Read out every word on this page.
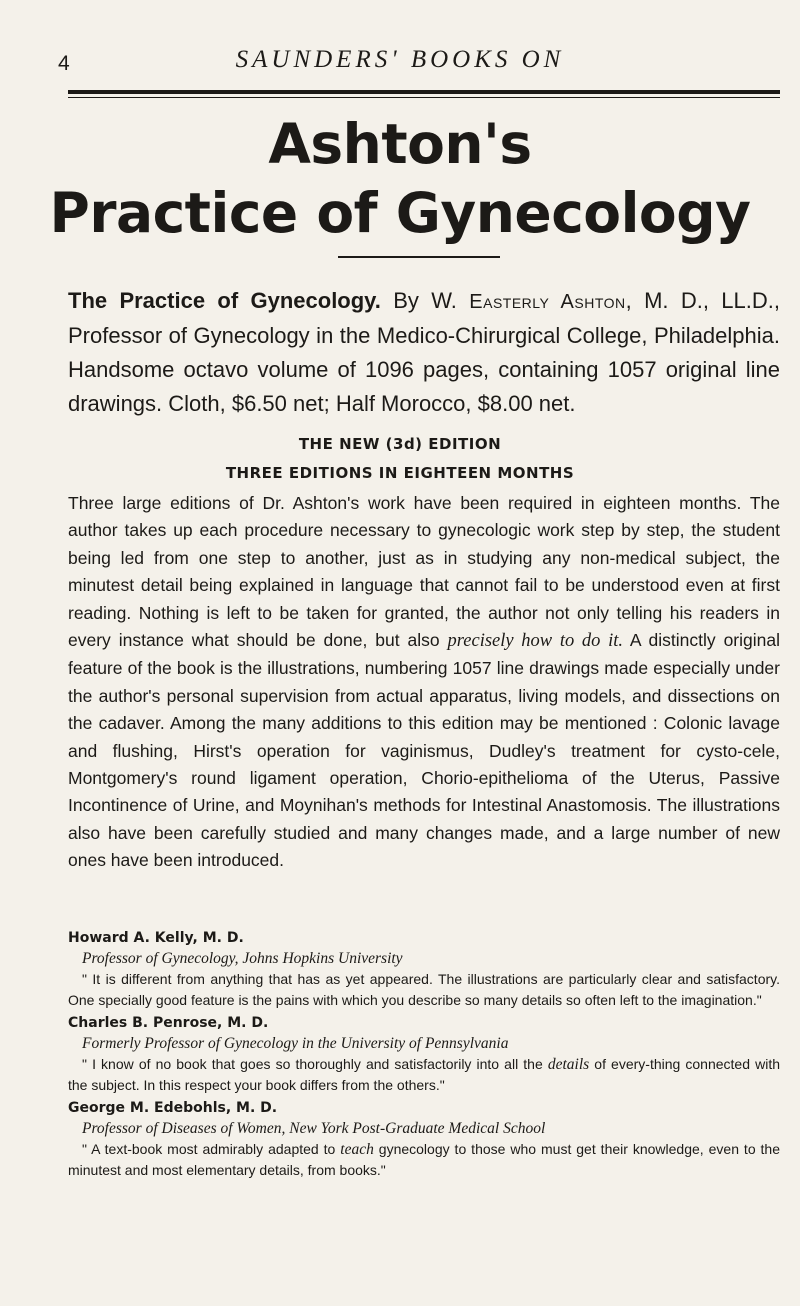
4	SAUNDERS' BOOKS ON
Ashton's
Practice of Gynecology
The Practice of Gynecology. By W. Easterly Ashton, M. D., LL.D., Professor of Gynecology in the Medico-Chirurgical College, Philadelphia. Handsome octavo volume of 1096 pages, containing 1057 original line drawings. Cloth, $6.50 net; Half Morocco, $8.00 net.
THE NEW (3d) EDITION
THREE EDITIONS IN EIGHTEEN MONTHS
Three large editions of Dr. Ashton's work have been required in eighteen months. The author takes up each procedure necessary to gynecologic work step by step, the student being led from one step to another, just as in studying any non-medical subject, the minutest detail being explained in language that cannot fail to be understood even at first reading. Nothing is left to be taken for granted, the author not only telling his readers in every instance what should be done, but also precisely how to do it. A distinctly original feature of the book is the illustrations, numbering 1057 line drawings made especially under the author's personal supervision from actual apparatus, living models, and dissections on the cadaver. Among the many additions to this edition may be mentioned : Colonic lavage and flushing, Hirst's operation for vaginismus, Dudley's treatment for cysto-cele, Montgomery's round ligament operation, Chorio-epithelioma of the Uterus, Passive Incontinence of Urine, and Moynihan's methods for Intestinal Anastomosis. The illustrations also have been carefully studied and many changes made, and a large number of new ones have been introduced.

Howard A. Kelly, M. D.

Professor of Gynecology, Johns Hopkins University

" It is different from anything that has as yet appeared. The illustrations are particularly clear and satisfactory. One specially good feature is the pains with which you describe so many details so often left to the imagination."

Charles B. Penrose, M. D.

Formerly Professor of Gynecology in the University of Pennsylvania

" I know of no book that goes so thoroughly and satisfactorily into all the details of every-thing connected with the subject. In this respect your book differs from the others."

George M. Edebohls, M. D.

Professor of Diseases of Women, New York Post-Graduate Medical School

" A text-book most admirably adapted to teach gynecology to those who must get their knowledge, even to the minutest and most elementary details, from books."
